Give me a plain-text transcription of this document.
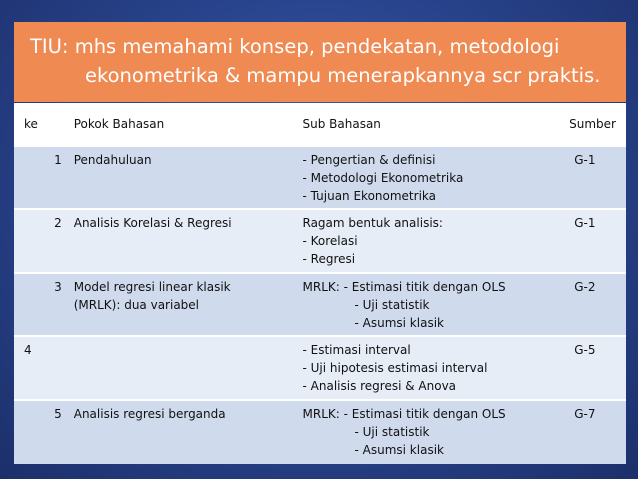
TIU: mhs memahami konsep, pendekatan, metodologi
ekonometrika & mampu menerapkannya scr praktis.
ke	Pokok Bahasan	Sub Bahasan	Sumber
1	Pendahuluan	- Pengertian & definisi
- Metodologi Ekonometrika
- Tujuan Ekonometrika	G-1
2	Analisis Korelasi & Regresi	Ragam bentuk analisis:
- Korelasi
- Regresi	G-1
3	Model regresi linear klasik
(MRLK): dua variabel	MRLK: - Estimasi titik dengan OLS
- Uji statistik
- Asumsi klasik	G-2
4		- Estimasi interval
- Uji hipotesis estimasi interval
- Analisis regresi & Anova	G-5
5	Analisis regresi berganda	MRLK: - Estimasi titik dengan OLS
- Uji statistik
- Asumsi klasik	G-7
